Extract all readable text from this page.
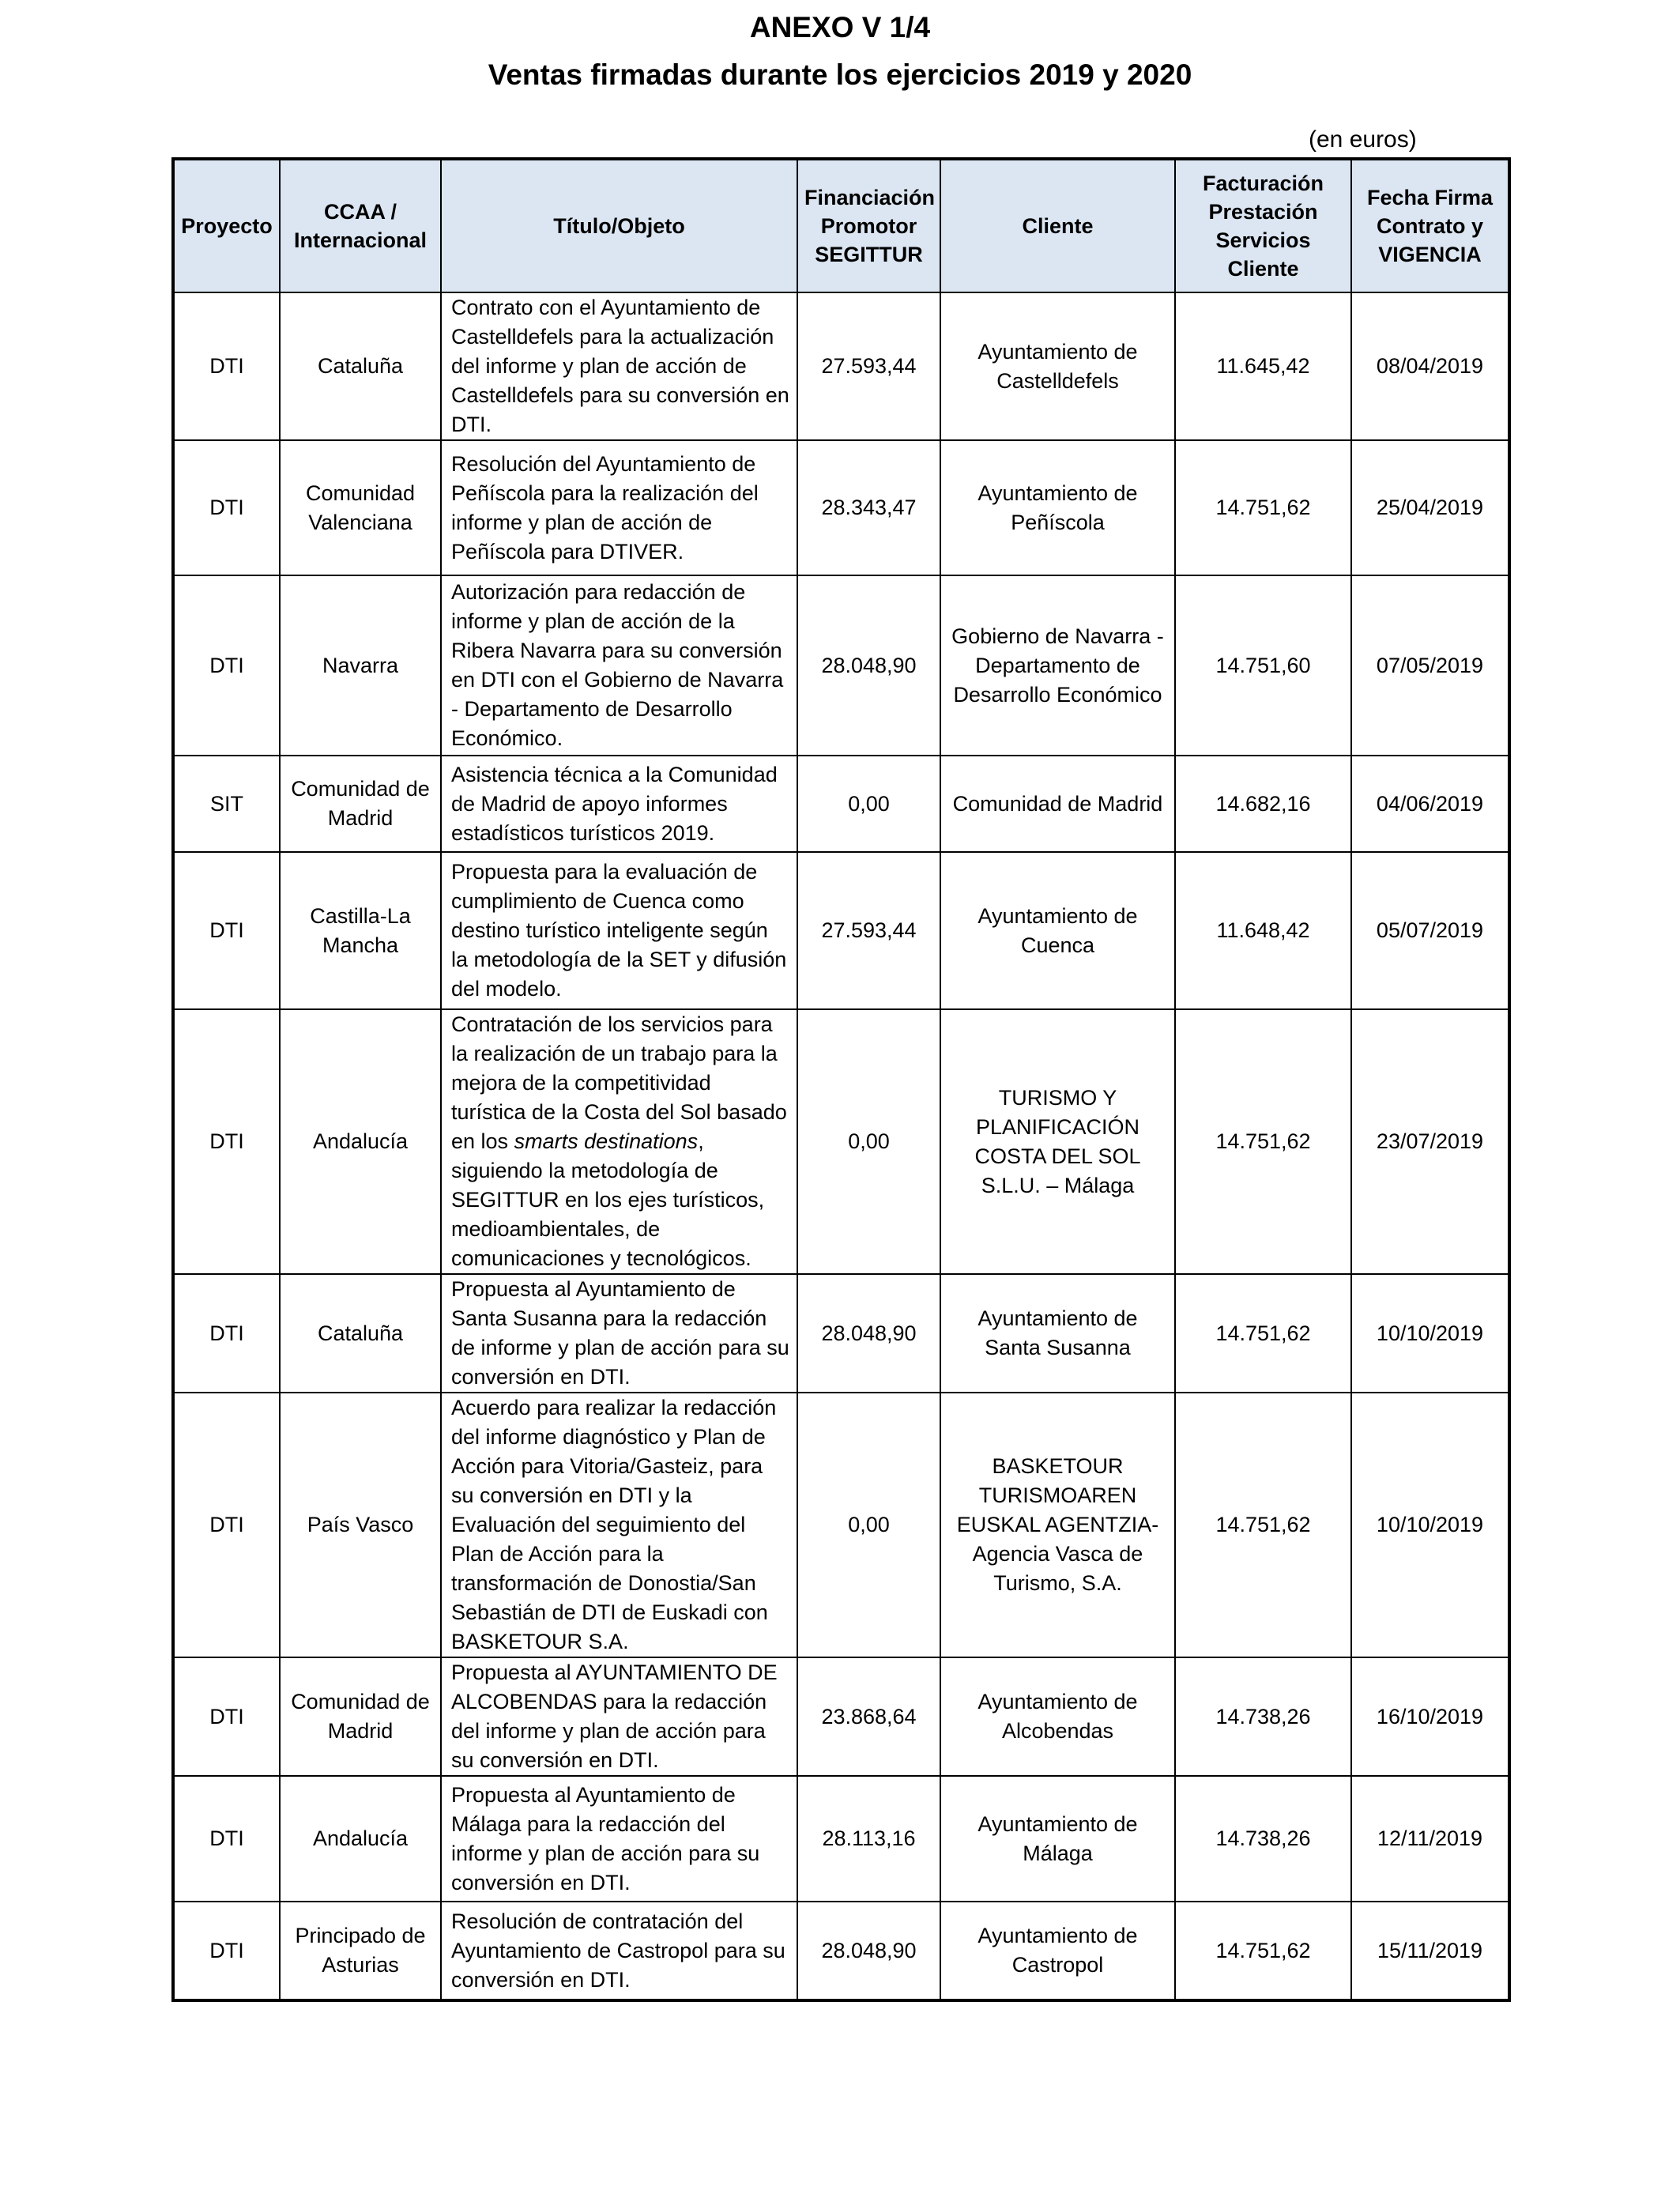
ANEXO V 1/4
Ventas firmadas durante los ejercicios 2019 y 2020
(en euros)
Proyecto	CCAA / Internacional	Título/Objeto	Financiación Promotor SEGITTUR	Cliente	Facturación Prestación Servicios Cliente	Fecha Firma Contrato y VIGENCIA
DTI	Cataluña	Contrato con el Ayuntamiento de Castelldefels para la actualización del informe y plan de acción de Castelldefels para su conversión en DTI.	27.593,44	Ayuntamiento de Castelldefels	11.645,42	08/04/2019
DTI	Comunidad Valenciana	Resolución del Ayuntamiento de Peñíscola para la realización del informe y plan de acción de Peñíscola para DTIVER.	28.343,47	Ayuntamiento de Peñíscola	14.751,62	25/04/2019
DTI	Navarra	Autorización para redacción de informe y plan de acción de la Ribera Navarra para su conversión en DTI con el Gobierno de Navarra - Departamento de Desarrollo Económico.	28.048,90	Gobierno de Navarra - Departamento de Desarrollo Económico	14.751,60	07/05/2019
SIT	Comunidad de Madrid	Asistencia técnica a la Comunidad de Madrid de apoyo informes estadísticos turísticos 2019.	0,00	Comunidad de Madrid	14.682,16	04/06/2019
DTI	Castilla-La Mancha	Propuesta para la evaluación de cumplimiento de Cuenca como destino turístico inteligente según la metodología de la SET y difusión del modelo.	27.593,44	Ayuntamiento de Cuenca	11.648,42	05/07/2019
DTI	Andalucía	Contratación de los servicios para la realización de un trabajo para la mejora de la competitividad turística de la Costa del Sol basado en los smarts destinations, siguiendo la metodología de SEGITTUR en los ejes turísticos, medioambientales, de comunicaciones y tecnológicos.	0,00	TURISMO Y PLANIFICACIÓN COSTA DEL SOL S.L.U. – Málaga	14.751,62	23/07/2019
DTI	Cataluña	Propuesta al Ayuntamiento de Santa Susanna para la redacción de informe y plan de acción para su conversión en DTI.	28.048,90	Ayuntamiento de Santa Susanna	14.751,62	10/10/2019
DTI	País Vasco	Acuerdo para realizar la redacción del informe diagnóstico y Plan de Acción para Vitoria/Gasteiz, para su conversión en DTI y la Evaluación del seguimiento del Plan de Acción para la transformación de Donostia/San Sebastián de DTI de Euskadi con BASKETOUR S.A.	0,00	BASKETOUR TURISMOAREN EUSKAL AGENTZIA- Agencia Vasca de Turismo, S.A.	14.751,62	10/10/2019
DTI	Comunidad de Madrid	Propuesta al AYUNTAMIENTO DE ALCOBENDAS para la redacción del informe y plan de acción para su conversión en DTI.	23.868,64	Ayuntamiento de Alcobendas	14.738,26	16/10/2019
DTI	Andalucía	Propuesta al Ayuntamiento de Málaga para la redacción del informe y plan de acción para su conversión en DTI.	28.113,16	Ayuntamiento de Málaga	14.738,26	12/11/2019
DTI	Principado de Asturias	Resolución de contratación del Ayuntamiento de Castropol para su conversión en DTI.	28.048,90	Ayuntamiento de Castropol	14.751,62	15/11/2019
